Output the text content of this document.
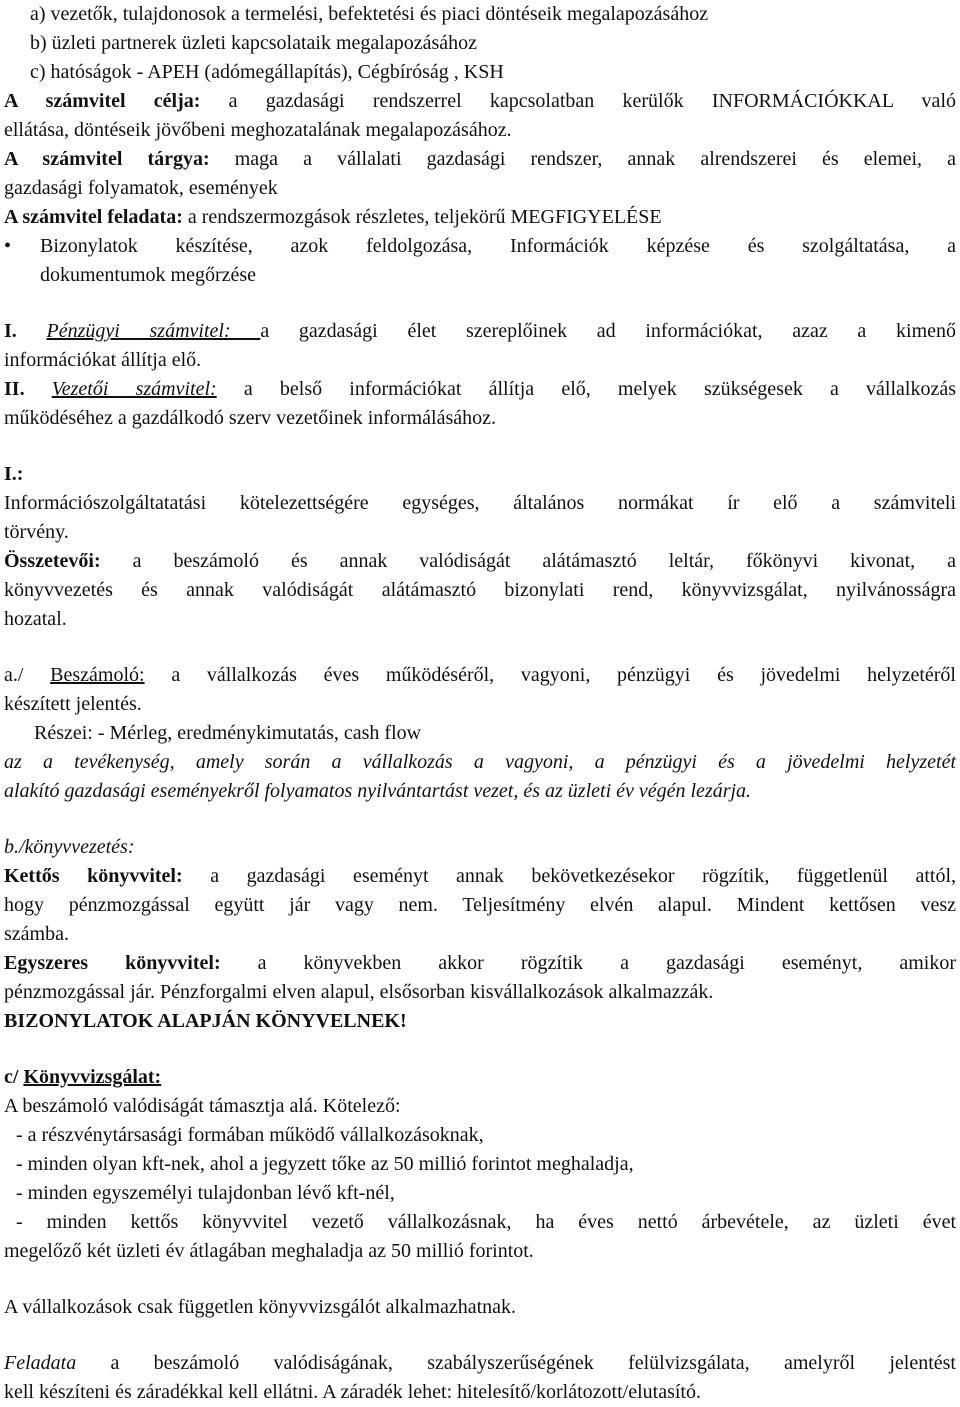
a) vezetők, tulajdonosok a termelési, befektetési és piaci döntéseik megalapozásához
b) üzleti partnerek üzleti kapcsolataik megalapozásához
c) hatóságok - APEH (adómegállapítás), Cégbíróság , KSH
A számvitel célja: a gazdasági rendszerrel kapcsolatban kerülők INFORMÁCIÓKKAL való
ellátása, döntéseik jövőbeni meghozatalának megalapozásához.
A számvitel tárgya: maga a vállalati gazdasági rendszer, annak alrendszerei és elemei, a
gazdasági folyamatok, események
A számvitel feladata: a rendszermozgások részletes, teljekörű MEGFIGYELÉSE
•	Bizonylatok készítése, azok feldolgozása, Információk képzése és szolgáltatása, a
dokumentumok megőrzése
I. Pénzügyi számvitel: a gazdasági élet szereplőinek ad információkat, azaz a kimenő
információkat állítja elő.
II. Vezetői számvitel: a belső információkat állítja elő, melyek szükségesek a vállalkozás
működéséhez a gazdálkodó szerv vezetőinek informálásához.
I.:
Információszolgáltatatási kötelezettségére egységes, általános normákat ír elő a számviteli
törvény.
Összetevői: a beszámoló és annak valódiságát alátámasztó leltár, főkönyvi kivonat, a
könyvvezetés és annak valódiságát alátámasztó bizonylati rend, könyvvizsgálat, nyilvánosságra
hozatal.
a./ Beszámoló: a vállalkozás éves működéséről, vagyoni, pénzügyi és jövedelmi helyzetéről
készített jelentés.
Részei: - Mérleg, eredménykimutatás, cash flow
az a tevékenység, amely során a vállalkozás a vagyoni, a pénzügyi és a jövedelmi helyzetét
alakító gazdasági eseményekről folyamatos nyilvántartást vezet, és az üzleti év végén lezárja.
b./könyvvezetés:
Kettős könyvvitel: a gazdasági eseményt annak bekövetkezésekor rögzítik, függetlenül attól,
hogy pénzmozgással együtt jár vagy nem. Teljesítmény elvén alapul. Mindent kettősen vesz
számba.
Egyszeres könyvvitel: a könyvekben akkor rögzítik a gazdasági eseményt, amikor
pénzmozgással jár. Pénzforgalmi elven alapul, elsősorban kisvállalkozások alkalmazzák.
BIZONYLATOK ALAPJÁN KÖNYVELNEK!
c/ Könyvvizsgálat:
A beszámoló valódiságát támasztja alá. Kötelező:
- a részvénytársasági formában működő vállalkozásoknak,
- minden olyan kft-nek, ahol a jegyzett tőke az 50 millió forintot meghaladja,
- minden egyszemélyi tulajdonban lévő kft-nél,
- minden kettős könyvvitel vezető vállalkozásnak, ha éves nettó árbevétele, az üzleti évet
megelőző két üzleti év átlagában meghaladja az 50 millió forintot.
A vállalkozások csak független könyvvizsgálót alkalmazhatnak.
Feladata a beszámoló valódiságának, szabályszerűségének felülvizsgálata, amelyről jelentést
kell készíteni és záradékkal kell ellátni. A záradék lehet: hitelesítő/korlátozott/elutasító.
